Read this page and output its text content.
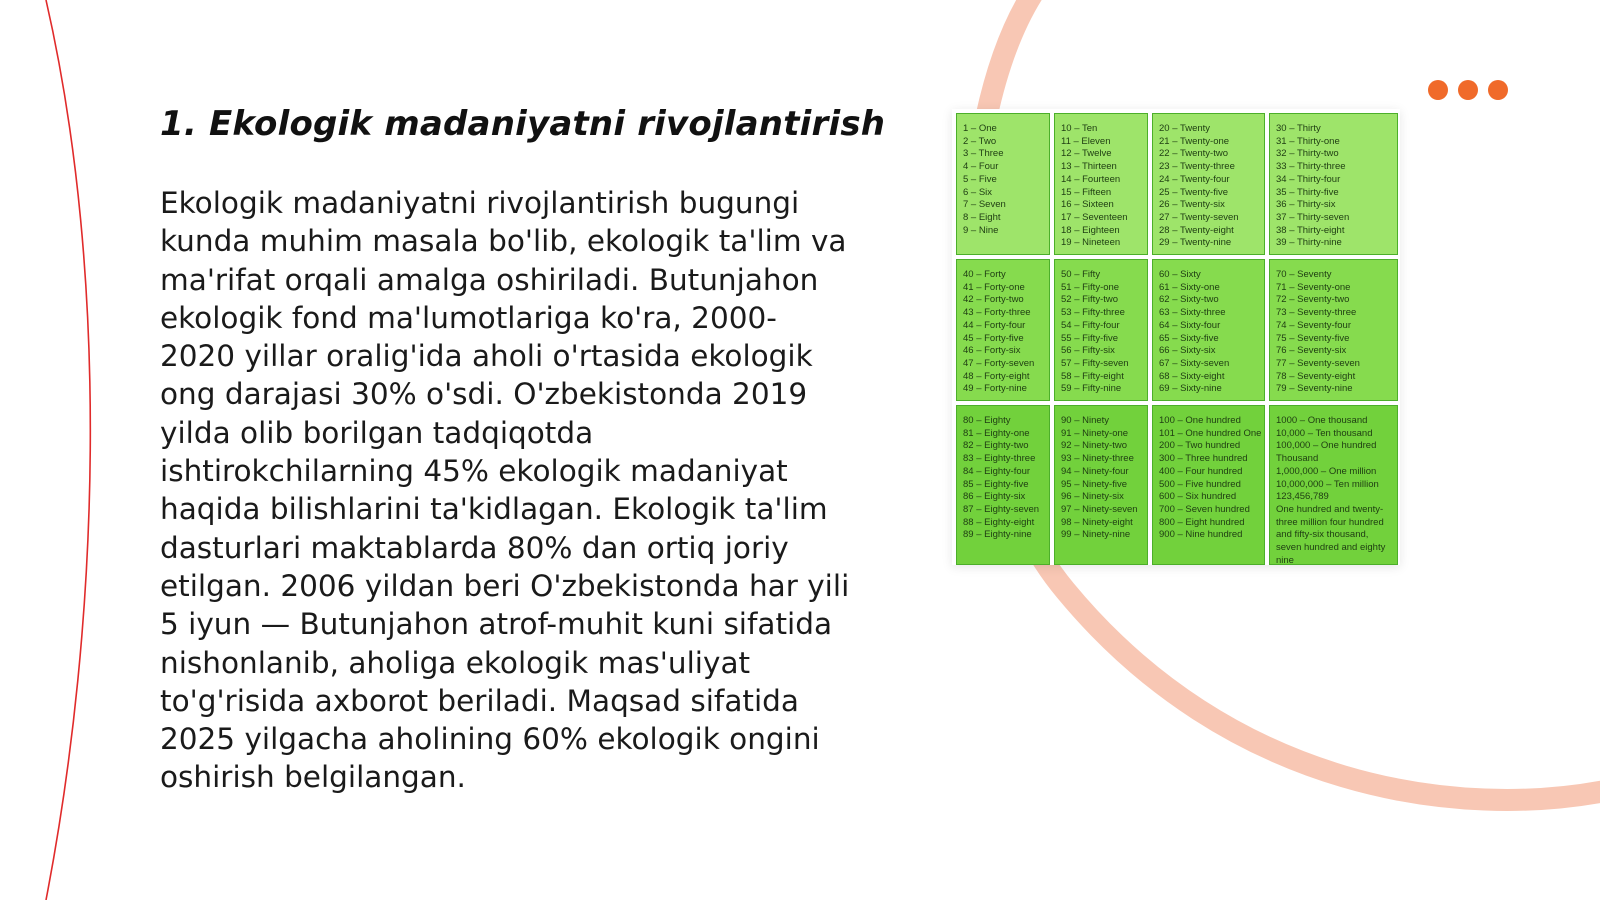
1. Ekologik madaniyatni rivojlantirish

Ekologik madaniyatni rivojlantirish bugungi kunda muhim masala bo'lib, ekologik ta'lim va ma'rifat orqali amalga oshiriladi. Butunjahon ekologik fond ma'lumotlariga ko'ra, 2000-2020 yillar oralig'ida aholi o'rtasida ekologik ong darajasi 30% o'sdi. O'zbekistonda 2019 yilda olib borilgan tadqiqotda ishtirokchilarning 45% ekologik madaniyat haqida bilishlarini ta'kidlagan. Ekologik ta'lim dasturlari maktablarda 80% dan ortiq joriy etilgan. 2006 yildan beri O'zbekistonda har yili 5 iyun — Butunjahon atrof-muhit kuni sifatida nishonlanib, aholiga ekologik mas'uliyat to'g'risida axborot beriladi. Maqsad sifatida 2025 yilgacha aholining 60% ekologik ongini oshirish belgilangan.

1 – One
2 – Two
3 – Three
4 – Four
5 – Five
6 – Six
7 – Seven
8 – Eight
9 – Nine
10 – Ten
11 – Eleven
12 – Twelve
13 – Thirteen
14 – Fourteen
15 – Fifteen
16 – Sixteen
17 – Seventeen
18 – Eighteen
19 – Nineteen
20 – Twenty
21 – Twenty-one
22 – Twenty-two
23 – Twenty-three
24 – Twenty-four
25 – Twenty-five
26 – Twenty-six
27 – Twenty-seven
28 – Twenty-eight
29 – Twenty-nine
30 – Thirty
31 – Thirty-one
32 – Thirty-two
33 – Thirty-three
34 – Thirty-four
35 – Thirty-five
36 – Thirty-six
37 – Thirty-seven
38 – Thirty-eight
39 – Thirty-nine
40 – Forty
41 – Forty-one
42 – Forty-two
43 – Forty-three
44 – Forty-four
45 – Forty-five
46 – Forty-six
47 – Forty-seven
48 – Forty-eight
49 – Forty-nine
50 – Fifty
51 – Fifty-one
52 – Fifty-two
53 – Fifty-three
54 – Fifty-four
55 – Fifty-five
56 – Fifty-six
57 – Fifty-seven
58 – Fifty-eight
59 – Fifty-nine
60 – Sixty
61 – Sixty-one
62 – Sixty-two
63 – Sixty-three
64 – Sixty-four
65 – Sixty-five
66 – Sixty-six
67 – Sixty-seven
68 – Sixty-eight
69 – Sixty-nine
70 – Seventy
71 – Seventy-one
72 – Seventy-two
73 – Seventy-three
74 – Seventy-four
75 – Seventy-five
76 – Seventy-six
77 – Seventy-seven
78 – Seventy-eight
79 – Seventy-nine
80 – Eighty
81 – Eighty-one
82 – Eighty-two
83 – Eighty-three
84 – Eighty-four
85 – Eighty-five
86 – Eighty-six
87 – Eighty-seven
88 – Eighty-eight
89 – Eighty-nine
90 – Ninety
91 – Ninety-one
92 – Ninety-two
93 – Ninety-three
94 – Ninety-four
95 – Ninety-five
96 – Ninety-six
97 – Ninety-seven
98 – Ninety-eight
99 – Ninety-nine
100 – One hundred
101 – One hundred One
200 – Two hundred
300 – Three hundred
400 – Four hundred
500 – Five hundred
600 – Six hundred
700 – Seven hundred
800 – Eight hundred
900 – Nine hundred
1000 – One thousand
10,000 – Ten thousand
100,000 – One hundred Thousand
1,000,000 – One million
10,000,000 – Ten million
123,456,789
One hundred and twenty-three million four hundred and fifty-six thousand, seven hundred and eighty nine
